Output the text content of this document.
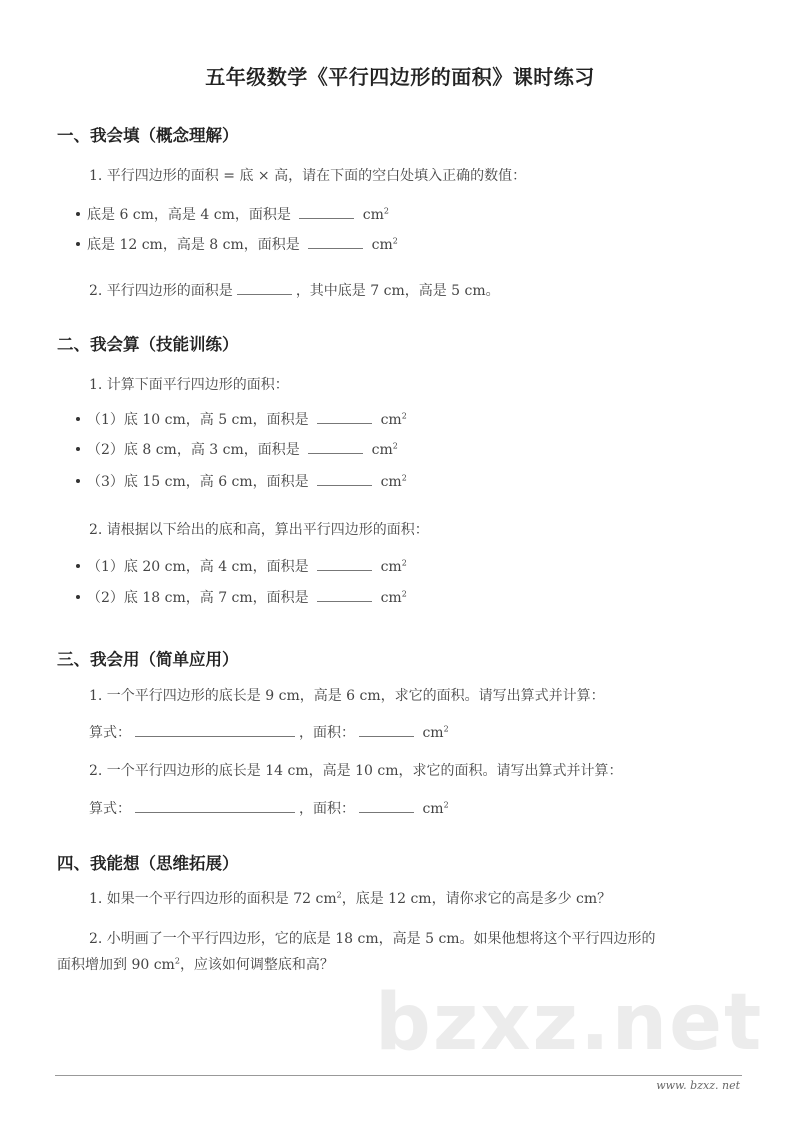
五年级数学《平行四边形的面积》课时练习
一、我会填（概念理解）
1. 平行四边形的面积 = 底 × 高，请在下面的空白处填入正确的数值：
底是 6 cm，高是 4 cm，面积是	$cm^2$
底是 12 cm，高是 8 cm，面积是	$cm^2$
2. 平行四边形的面积是	，其中底是 7 cm，高是 5 cm。
二、我会算（技能训练）
1. 计算下面平行四边形的面积：
（1）底 10 cm，高 5 cm，面积是	$cm^2$
（2）底 8 cm，高 3 cm，面积是	$cm^2$
（3）底 15 cm，高 6 cm，面积是	$cm^2$
2. 请根据以下给出的底和高，算出平行四边形的面积：
（1）底 20 cm，高 4 cm，面积是	$cm^2$
（2）底 18 cm，高 7 cm，面积是	$cm^2$
三、我会用（简单应用）
1. 一个平行四边形的底长是 9 cm，高是 6 cm，求它的面积。请写出算式并计算：
算式：	，面积：	$cm^2$
2. 一个平行四边形的底长是 14 cm，高是 10 cm，求它的面积。请写出算式并计算：
算式：	，面积：	$cm^2$
四、我能想（思维拓展）
1. 如果一个平行四边形的面积是 72 $cm^2$，底是 12 cm，请你求它的高是多少 cm？
2. 小明画了一个平行四边形，它的底是 18 cm，高是 5 cm。如果他想将这个平行四边形的
面积增加到 90 $cm^2$，应该如何调整底和高？
bzxz.net
www. bzxz. net
